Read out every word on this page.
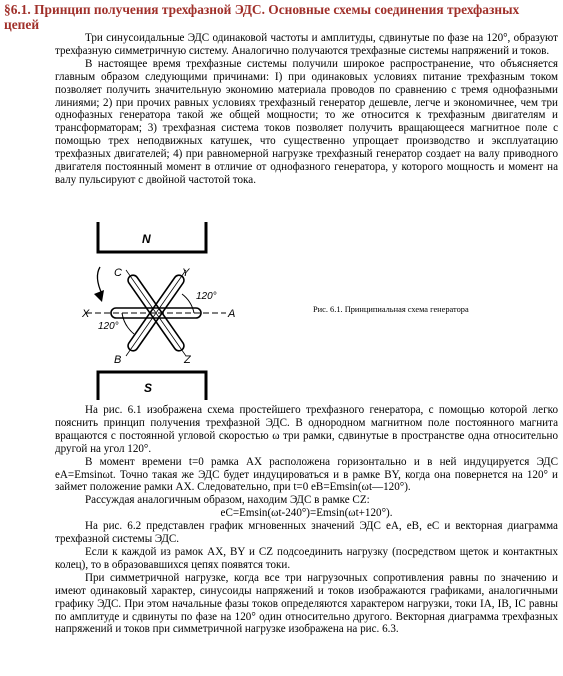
§6.1. Принцип получения трехфазной ЭДС. Основные схемы соединения трехфазных цепей

Три синусоидальные ЭДС одинаковой частоты и амплитуды, сдвинутые по фазе на 120°, образуют трехфазную симметричную систему. Аналогично получаются трехфазные системы напряжений и токов.

В настоящее время трехфазные системы получили широкое распространение, что объясняется главным образом следующими причинами: I) при одинаковых условиях питание трехфазным током позволяет получить значительную экономию материала проводов по сравнению с тремя однофазными линиями; 2) при прочих равных условиях трехфазный генератор дешевле, легче и экономичнее, чем три однофазных генератора такой же общей мощности; то же относится к трехфазным двигателям и трансформаторам; 3) трехфазная система токов позволяет получить вращающееся магнитное поле с помощью трех неподвижных катушек, что существенно упрощает производство и эксплуатацию трехфазных двигателей; 4) при равномерной нагрузке трехфазный генератор создает на валу приводного двигателя постоянный момент в отличие от однофазного генератора, у которого мощность и момент на валу пульсируют с двойной частотой тока.

N
S
C	Y
X	A
B	Z
120°
120°
Рис. 6.1. Принципиальная схема генератора

На рис. 6.1 изображена схема простейшего трехфазного генератора, с помощью которой легко пояснить принцип получения трехфазной ЭДС. В однородном магнитном поле постоянного магнита вращаются с постоянной угловой скоростью ω три рамки, сдвинутые в пространстве одна относительно другой на угол 120°.

В момент времени t=0 рамка AX расположена горизонтально и в ней индуцируется ЭДС eA=Emsinωt. Точно такая же ЭДС будет индуцироваться и в рамке BY, когда она повернется на 120° и займет положение рамки AX. Следовательно, при t=0 eB=Emsin(ωt—120°).

Рассуждая аналогичным образом, находим ЭДС в рамке CZ:

eC=Emsin(ωt-240°)=Emsin(ωt+120°).

На рис. 6.2 представлен график мгновенных значений ЭДС eA, eB, eC и векторная диаграмма трехфазной системы ЭДС.

Если к каждой из рамок AX, BY и CZ подсоединить нагрузку (посредством щеток и контактных колец), то в образовавшихся цепях появятся токи.

При симметричной нагрузке, когда все три нагрузочных сопротивления равны по значению и имеют одинаковый характер, синусоиды напряжений и токов изображаются графиками, аналогичными графику ЭДС. При этом начальные фазы токов определяются характером нагрузки, токи IA, IB, IC равны по амплитуде и сдвинуты по фазе на 120° один относительно другого. Векторная диаграмма трехфазных напряжений и токов при симметричной нагрузке изображена на рис. 6.3.
